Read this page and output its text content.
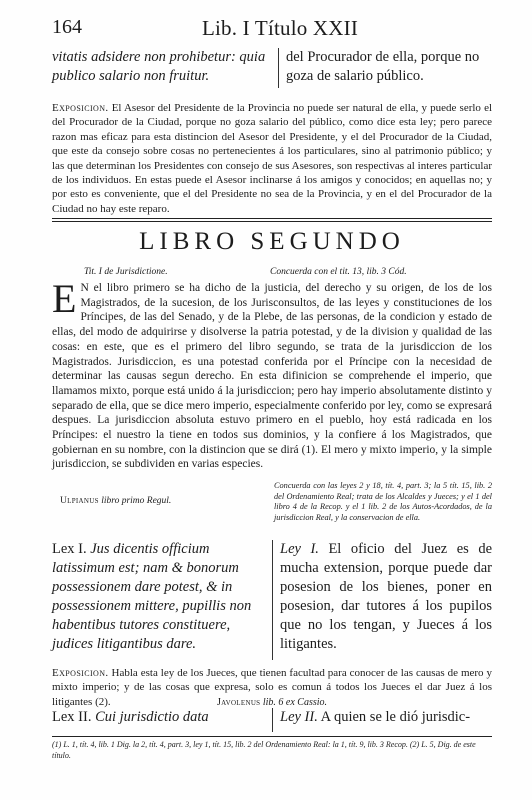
164	Lib. I Título XXII
vitatis adsidere non prohibetur: quia publico salario non fruitur.
del Procurador de ella, porque no goza de salario público.

Exposicion. El Asesor del Presidente de la Provincia no puede ser natural de ella, y puede serlo el del Procurador de la Ciudad, porque no goza salario del público, como dice esta ley; pero parece razon mas eficaz para esta distincion del Asesor del Presidente, y el del Procurador de la Ciudad, que este da consejo sobre cosas no pertenecientes á los particulares, sino al patrimonio público; y las que determinan los Presidentes con consejo de sus Asesores, son respectivas al interes particular de los individuos. En estas puede el Asesor inclinarse á los amigos y conocidos; en aquellas no; y por esto es conveniente, que el del Presidente no sea de la Provincia, y en el del Procurador de la Ciudad no hay este reparo.

LIBRO SEGUNDO
Tit. I de Jurisdictione.	Concuerda con el tit. 13, lib. 3 Cód.

E N el libro primero se ha dicho de la justicia, del derecho y su origen, de los de los Magistrados, de la sucesion, de los Jurisconsultos, de las leyes y constituciones de los Príncipes, de las del Senado, y de la Plebe, de las personas, de la condicion y estado de ellas, del modo de adquirirse y disolverse la patria potestad, y de la division y qualidad de las cosas: en este, que es el primero del libro segundo, se trata de la jurisdiccion de los Magistrados. Jurisdiccion, es una potestad conferida por el Príncipe con la necesidad de determinar las causas segun derecho. En esta difinicion se comprehende el imperio, que llamamos mixto, porque está unido á la jurisdiccion; pero hay imperio absolutamente distinto y separado de ella, que se dice mero imperio, especialmente conferido por ley, como se expresará despues. La jurisdiccion absoluta estuvo primero en el pueblo, hoy está radicada en los Príncipes: el nuestro la tiene en todos sus dominios, y la confiere á los Magistrados, que gobiernan en su nombre, con la distincion que se dirá (1). El mero y mixto imperio, y la simple jurisdiccion, se subdividen en varias especies.

Ulpianus libro primo Regul.
Concuerda con las leyes 2 y 18, tít. 4, part. 3; la 5 tít. 15, lib. 2 del Ordenamiento Real; trata de los Alcaldes y Jueces; y el 1 del libro 4 de la Recop. y el 1 lib. 2 de los Autos-Acordados, de la jurisdiccion Real, y la conservacion de ella.
Lex I. Jus dicentis officium latissimum est; nam & bonorum possessionem dare potest, & in possessionem mittere, pupillis non habentibus tutores constituere, judices litigantibus dare.
Ley I. El oficio del Juez es de mucha extension, porque puede dar posesion de los bienes, poner en posesion, dar tutores á los pupilos que no los tengan, y Jueces á los litigantes.

Exposicion. Habla esta ley de los Jueces, que tienen facultad para conocer de las causas de mero y mixto imperio; y de las cosas que expresa, solo es comun á todos los Jueces el dar Juez á los litigantes (2).	Javolenus lib. 6 ex Cassio.
Lex II. Cui jurisdictio data	Ley II. A quien se le dió jurisdic-

(1) L. 1, tít. 4, lib. 1 Dig. la 2, tít. 4, part. 3, ley 1, tít. 15, lib. 2 del Ordenamiento Real: la 1, tít. 9, lib. 3 Recop. (2) L. 5, Dig. de este título.
